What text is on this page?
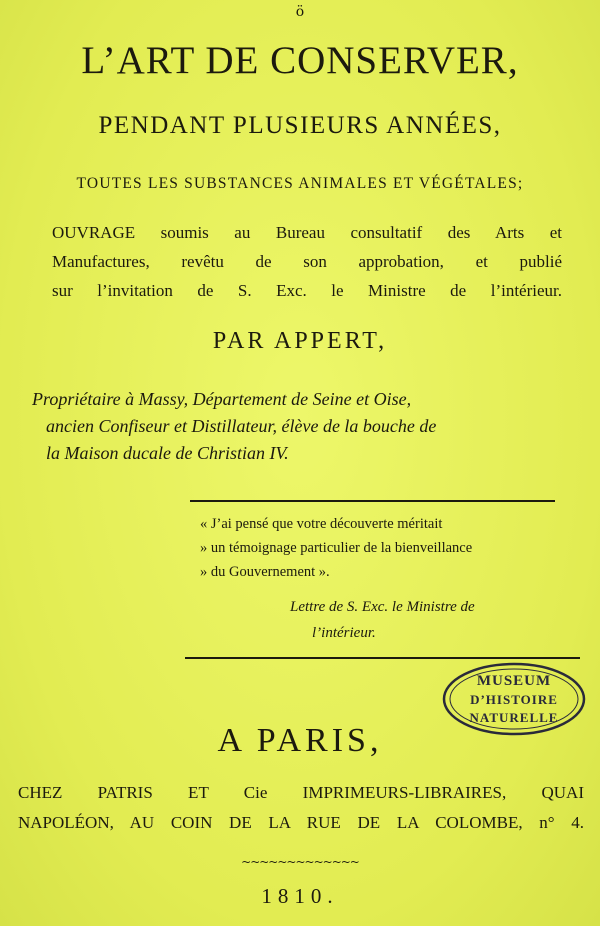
ö
L’ART DE CONSERVER,
PENDANT PLUSIEURS ANNÉES,
TOUTES LES SUBSTANCES ANIMALES ET VÉGÉTALES;
OUVRAGE soumis au Bureau consultatif des Arts et
Manufactures, revêtu de son approbation, et publié
sur l’invitation de S. Exc. le Ministre de l’intérieur.
PAR APPERT,
Propriétaire à Massy, Département de Seine et Oise,
ancien Confiseur et Distillateur, élève de la bouche de
la Maison ducale de Christian IV.
« J’ai pensé que votre découverte méritait
» un témoignage particulier de la bienveillance
» du Gouvernement ».
Lettre de S. Exc. le Ministre de
l’intérieur.
MUSEUM
D’HISTOIRE
NATURELLE
A PARIS,
CHEZ PATRIS ET Cie IMPRIMEURS-LIBRAIRES, QUAI
NAPOLÉON, AU COIN DE LA RUE DE LA COLOMBE, n° 4.
~~~~~~~~~~~~~
1810.
